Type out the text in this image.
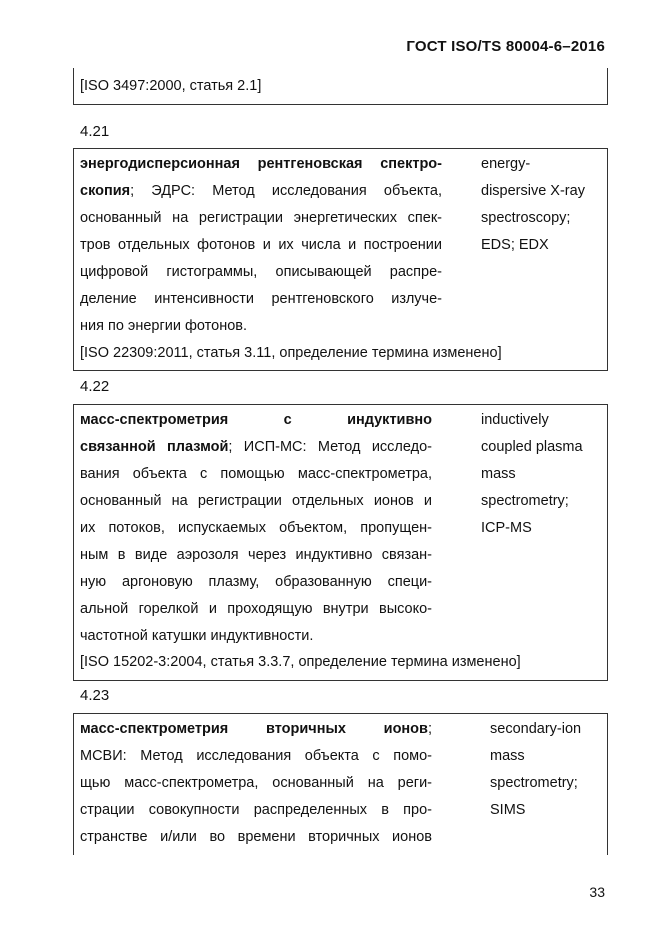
ГОСТ ISO/TS 80004-6–2016
[ISO 3497:2000, статья 2.1]
4.21
энергодисперсионная рентгеновская спектро-
скопия; ЭДРС: Метод исследования объекта,
основанный на регистрации энергетических спек-
тров отдельных фотонов и их числа и построении
цифровой гистограммы, описывающей распре-
деление интенсивности рентгеновского излуче-
ния по энергии фотонов.
energy-
dispersive X-ray
spectroscopy;
EDS; EDX
[ISO 22309:2011, статья 3.11, определение термина изменено]
4.22
масс-спектрометрия      с      индуктивно
связанной плазмой; ИСП-МС: Метод исследо-
вания объекта с помощью масс-спектрометра,
основанный на регистрации отдельных ионов и
их потоков, испускаемых объектом, пропущен-
ным в виде аэрозоля через индуктивно связан-
ную аргоновую плазму, образованную специ-
альной горелкой и проходящую внутри высоко-
частотной катушки индуктивности.
inductively
coupled plasma
mass
spectrometry;
ICP-MS
[ISO 15202-3:2004, статья 3.3.7, определение термина изменено]
4.23
масс-спектрометрия      вторичных      ионов;
МСВИ: Метод исследования объекта с помо-
щью масс-спектрометра, основанный на реги-
страции совокупности распределенных в про-
странстве и/или во времени вторичных ионов
secondary-ion
mass
spectrometry;
SIMS
33
